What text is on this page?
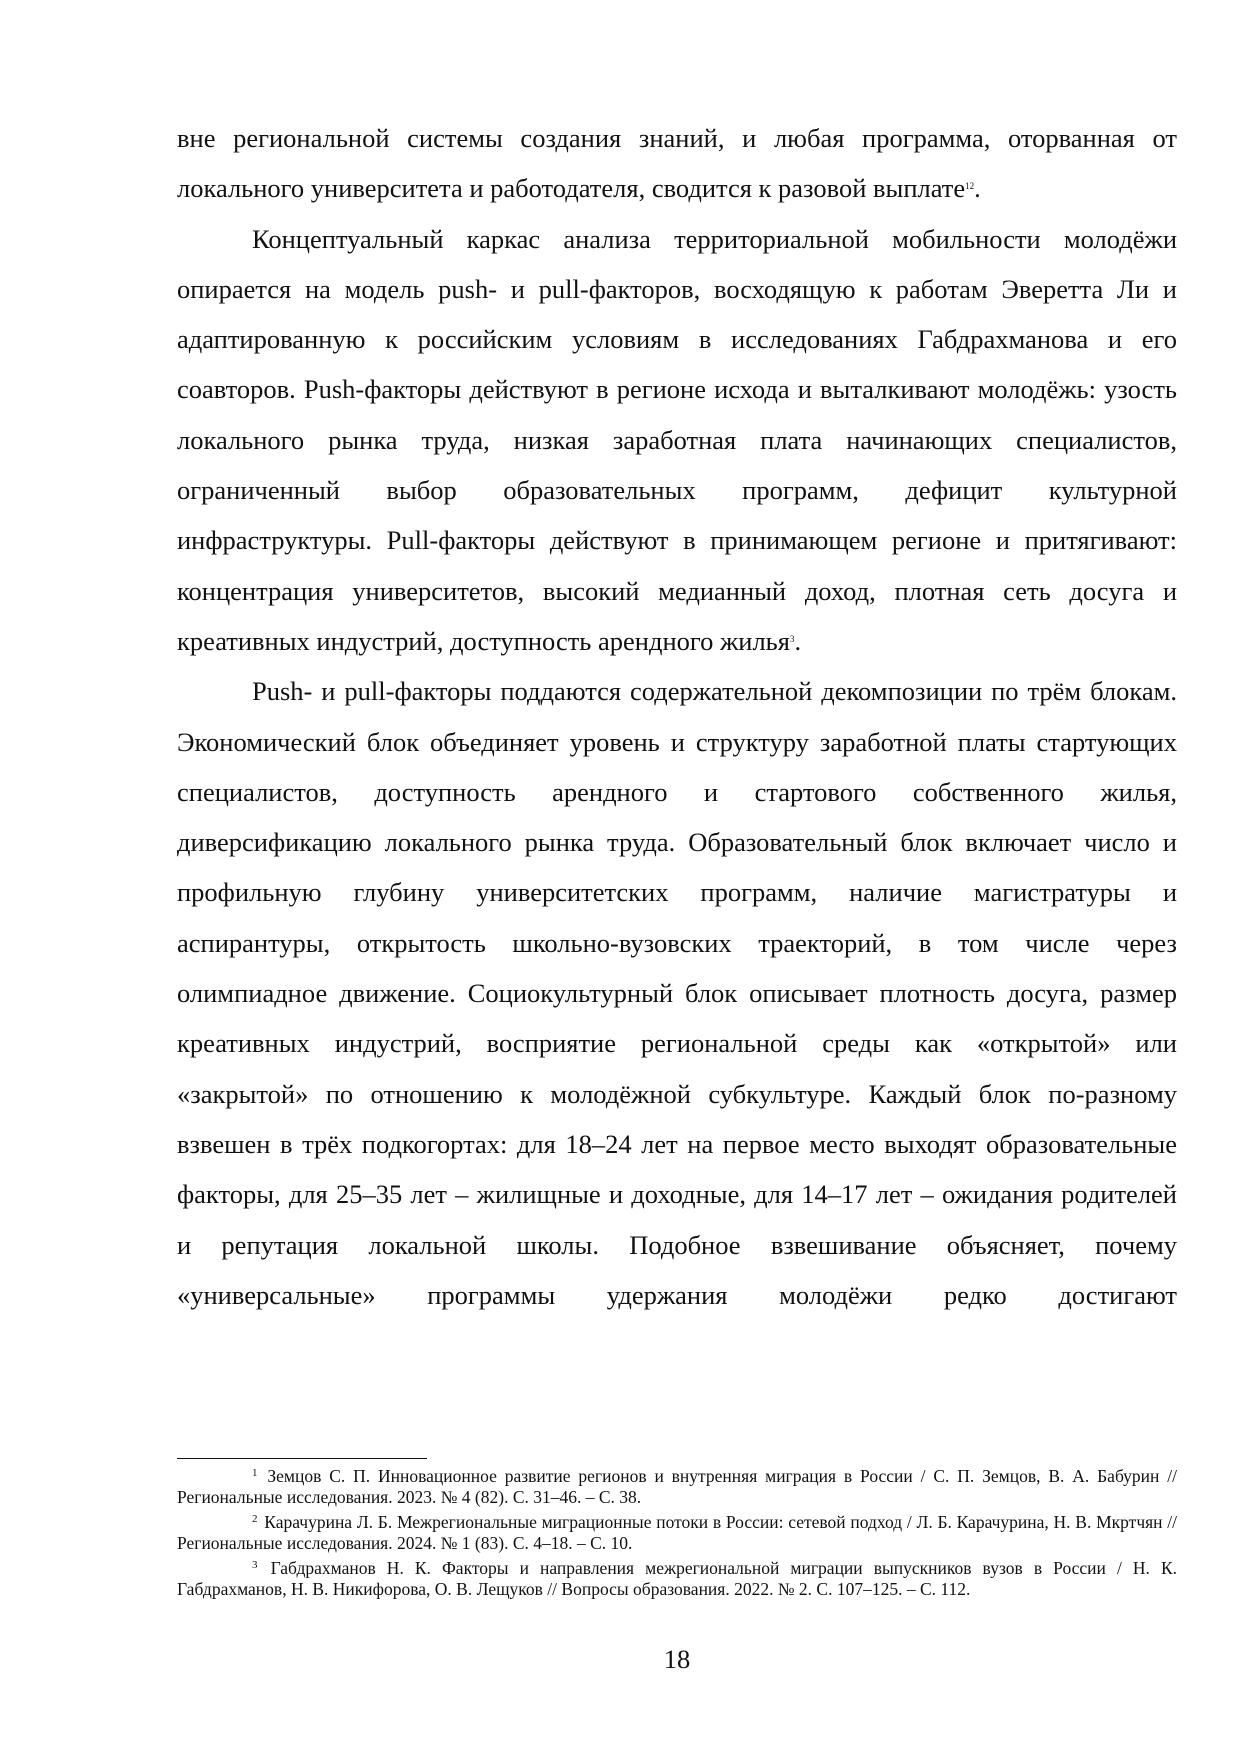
вне региональной системы создания знаний, и любая программа, оторванная от локального университета и работодателя, сводится к разовой выплате$^{12}$.

Концептуальный каркас анализа территориальной мобильности молодёжи опирается на модель push- и pull-факторов, восходящую к работам Эверетта Ли и адаптированную к российским условиям в исследованиях Габдрахманова и его соавторов. Push-факторы действуют в регионе исхода и выталкивают молодёжь: узость локального рынка труда, низкая заработная плата начинающих специалистов, ограниченный выбор образовательных программ, дефицит культурной инфраструктуры. Pull-факторы действуют в принимающем регионе и притягивают: концентрация университетов, высокий медианный доход, плотная сеть досуга и креативных индустрий, доступность арендного жилья$^3$.

Push- и pull-факторы поддаются содержательной декомпозиции по трём блокам. Экономический блок объединяет уровень и структуру заработной платы стартующих специалистов, доступность арендного и стартового собственного жилья, диверсификацию локального рынка труда. Образовательный блок включает число и профильную глубину университетских программ, наличие магистратуры и аспирантуры, открытость школьно-вузовских траекторий, в том числе через олимпиадное движение. Социокультурный блок описывает плотность досуга, размер креативных индустрий, восприятие региональной среды как «открытой» или «закрытой» по отношению к молодёжной субкультуре. Каждый блок по-разному взвешен в трёх подкогортах: для 18–24 лет на первое место выходят образовательные факторы, для 25–35 лет – жилищные и доходные, для 14–17 лет – ожидания родителей и репутация локальной школы. Подобное взвешивание объясняет, почему «универсальные» программы удержания молодёжи редко достигают

$^1$ Земцов С. П. Инновационное развитие регионов и внутренняя миграция в России / С. П. Земцов, В. А. Бабурин // Региональные исследования. 2023. № 4 (82). С. 31–46. – С. 38.

$^2$ Карачурина Л. Б. Межрегиональные миграционные потоки в России: сетевой подход / Л. Б. Карачурина, Н. В. Мкртчян // Региональные исследования. 2024. № 1 (83). С. 4–18. – С. 10.

$^3$ Габдрахманов Н. К. Факторы и направления межрегиональной миграции выпускников вузов в России / Н. К. Габдрахманов, Н. В. Никифорова, О. В. Лещуков // Вопросы образования. 2022. № 2. С. 107–125. – С. 112.

18
